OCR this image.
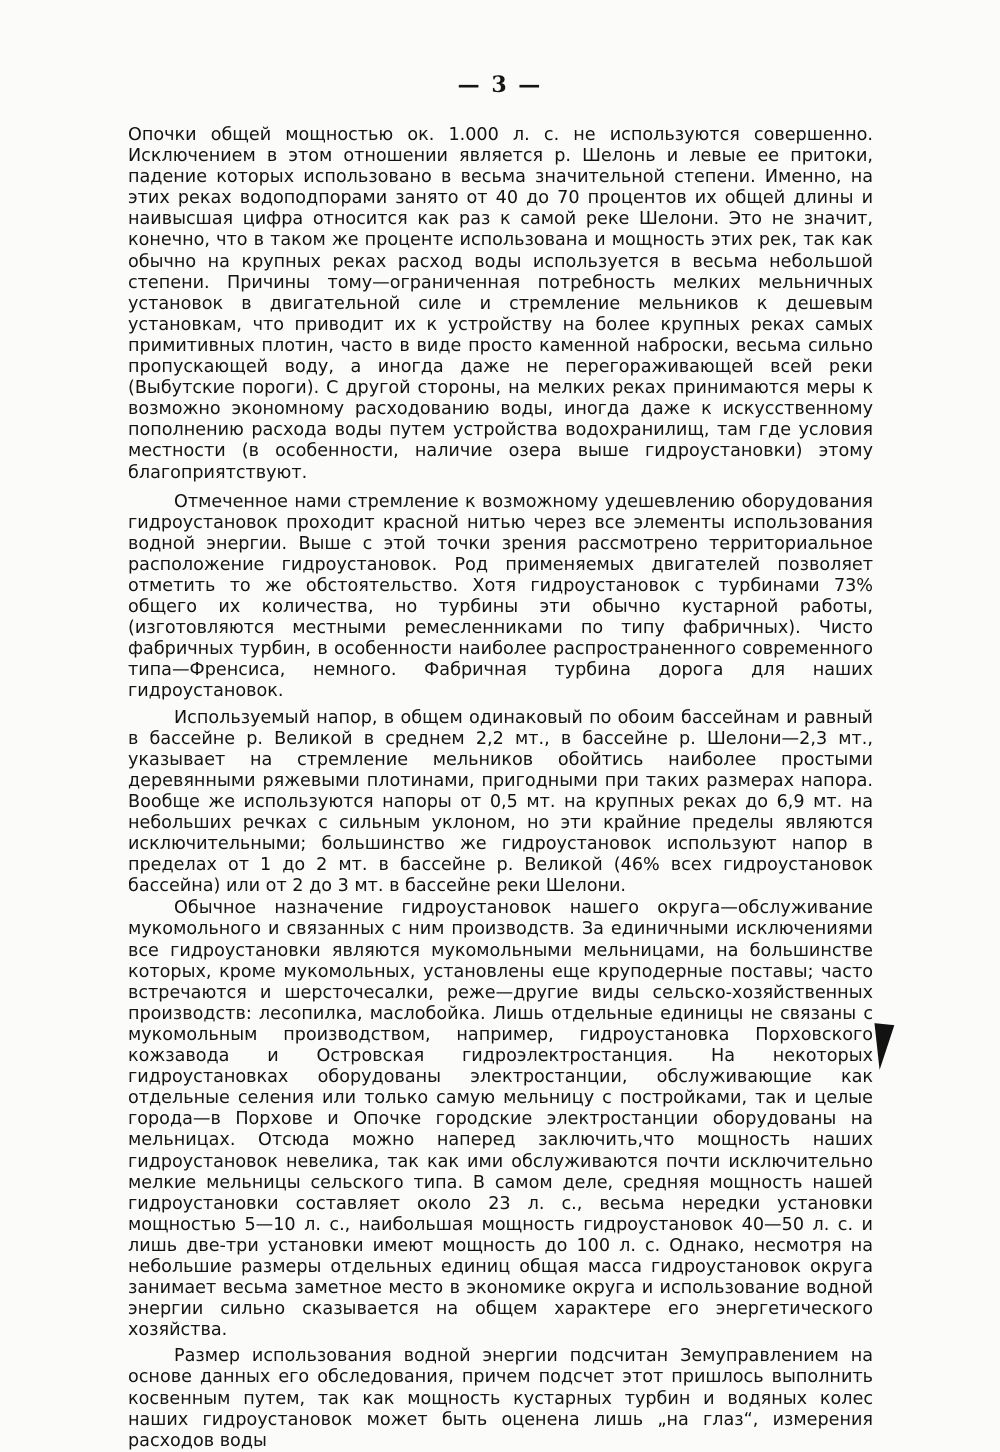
— 3 —

Опочки общей мощностью ок. 1.000 л. с. не используются совершенно. Исключением в этом отношении является р. Шелонь и левые ее притоки, падение которых использовано в весьма значительной степени. Именно, на этих реках водоподпорами занято от 40 до 70 процентов их общей длины и наивысшая цифра относится как раз к самой реке Шелони. Это не значит, конечно, что в таком же проценте использована и мощность этих рек, так как обычно на крупных реках расход воды используется в весьма небольшой степени. Причины тому—ограниченная потребность мелких мельничных установок в двигательной силе и стремление мельников к дешевым установкам, что приводит их к устройству на более крупных реках самых примитивных плотин, часто в виде просто каменной наброски, весьма сильно пропускающей воду, а иногда даже не перегораживающей всей реки (Выбутские пороги). С другой стороны, на мелких реках принимаются меры к возможно экономному расходованию воды, иногда даже к искусственному пополнению расхода воды путем устройства водохранилищ, там где условия местности (в особенности, наличие озера выше гидроустановки) этому благоприятствуют.

Отмеченное нами стремление к возможному удешевлению оборудования гидроустановок проходит красной нитью через все элементы использования водной энергии. Выше с этой точки зрения рассмотрено территориальное расположение гидроустановок. Род применяемых двигателей позволяет отметить то же обстоятельство. Хотя гидроустановок с турбинами 73% общего их количества, но турбины эти обычно кустарной работы, (изготовляются местными ремесленниками по типу фабричных). Чисто фабричных турбин, в особенности наиболее распространенного современного типа—Френсиса, немного. Фабричная турбина дорога для наших гидроустановок.

Используемый напор, в общем одинаковый по обоим бассейнам и равный в бассейне р. Великой в среднем 2,2 мт., в бассейне р. Шелони—2,3 мт., указывает на стремление мельников обойтись наиболее простыми деревянными ряжевыми плотинами, пригодными при таких размерах напора. Вообще же используются напоры от 0,5 мт. на крупных реках до 6,9 мт. на небольших речках с сильным уклоном, но эти крайние пределы являются исключительными; большинство же гидроустановок используют напор в пределах от 1 до 2 мт. в бассейне р. Великой (46% всех гидроустановок бассейна) или от 2 до 3 мт. в бассейне реки Шелони.

Обычное назначение гидроустановок нашего округа—обслуживание мукомольного и связанных с ним производств. За единичными исключениями все гидроустановки являются мукомольными мельницами, на большинстве которых, кроме мукомольных, установлены еще круподерные поставы; часто встречаются и шерсточесалки, реже—другие виды сельско-хозяйственных производств: лесопилка, маслобойка. Лишь отдельные единицы не связаны с мукомольным производством, например, гидроустановка Порховского кожзавода и Островская гидроэлектростанция. На некоторых гидроустановках оборудованы электростанции, обслуживающие как отдельные селения или только самую мельницу с постройками, так и целые города—в Порхове и Опочке городские электростанции оборудованы на мельницах. Отсюда можно наперед заключить,что мощность наших гидроустановок невелика, так как ими обслуживаются почти исключительно мелкие мельницы сельского типа. В самом деле, средняя мощность нашей гидроустановки составляет около 23 л. с., весьма нередки установки мощностью 5—10 л. с., наибольшая мощность гидроустановок 40—50 л. с. и лишь две-три установки имеют мощность до 100 л. с. Однако, несмотря на небольшие размеры отдельных единиц общая масса гидроустановок округа занимает весьма заметное место в экономике округа и использование водной энергии сильно сказывается на общем характере его энергетического хозяйства.

Размер использования водной энергии подсчитан Земуправлением на основе данных его обследования, причем подсчет этот пришлось выполнить косвенным путем, так как мощность кустарных турбин и водяных колес наших гидроустановок может быть оценена лишь „на глаз“, измерения расходов воды
